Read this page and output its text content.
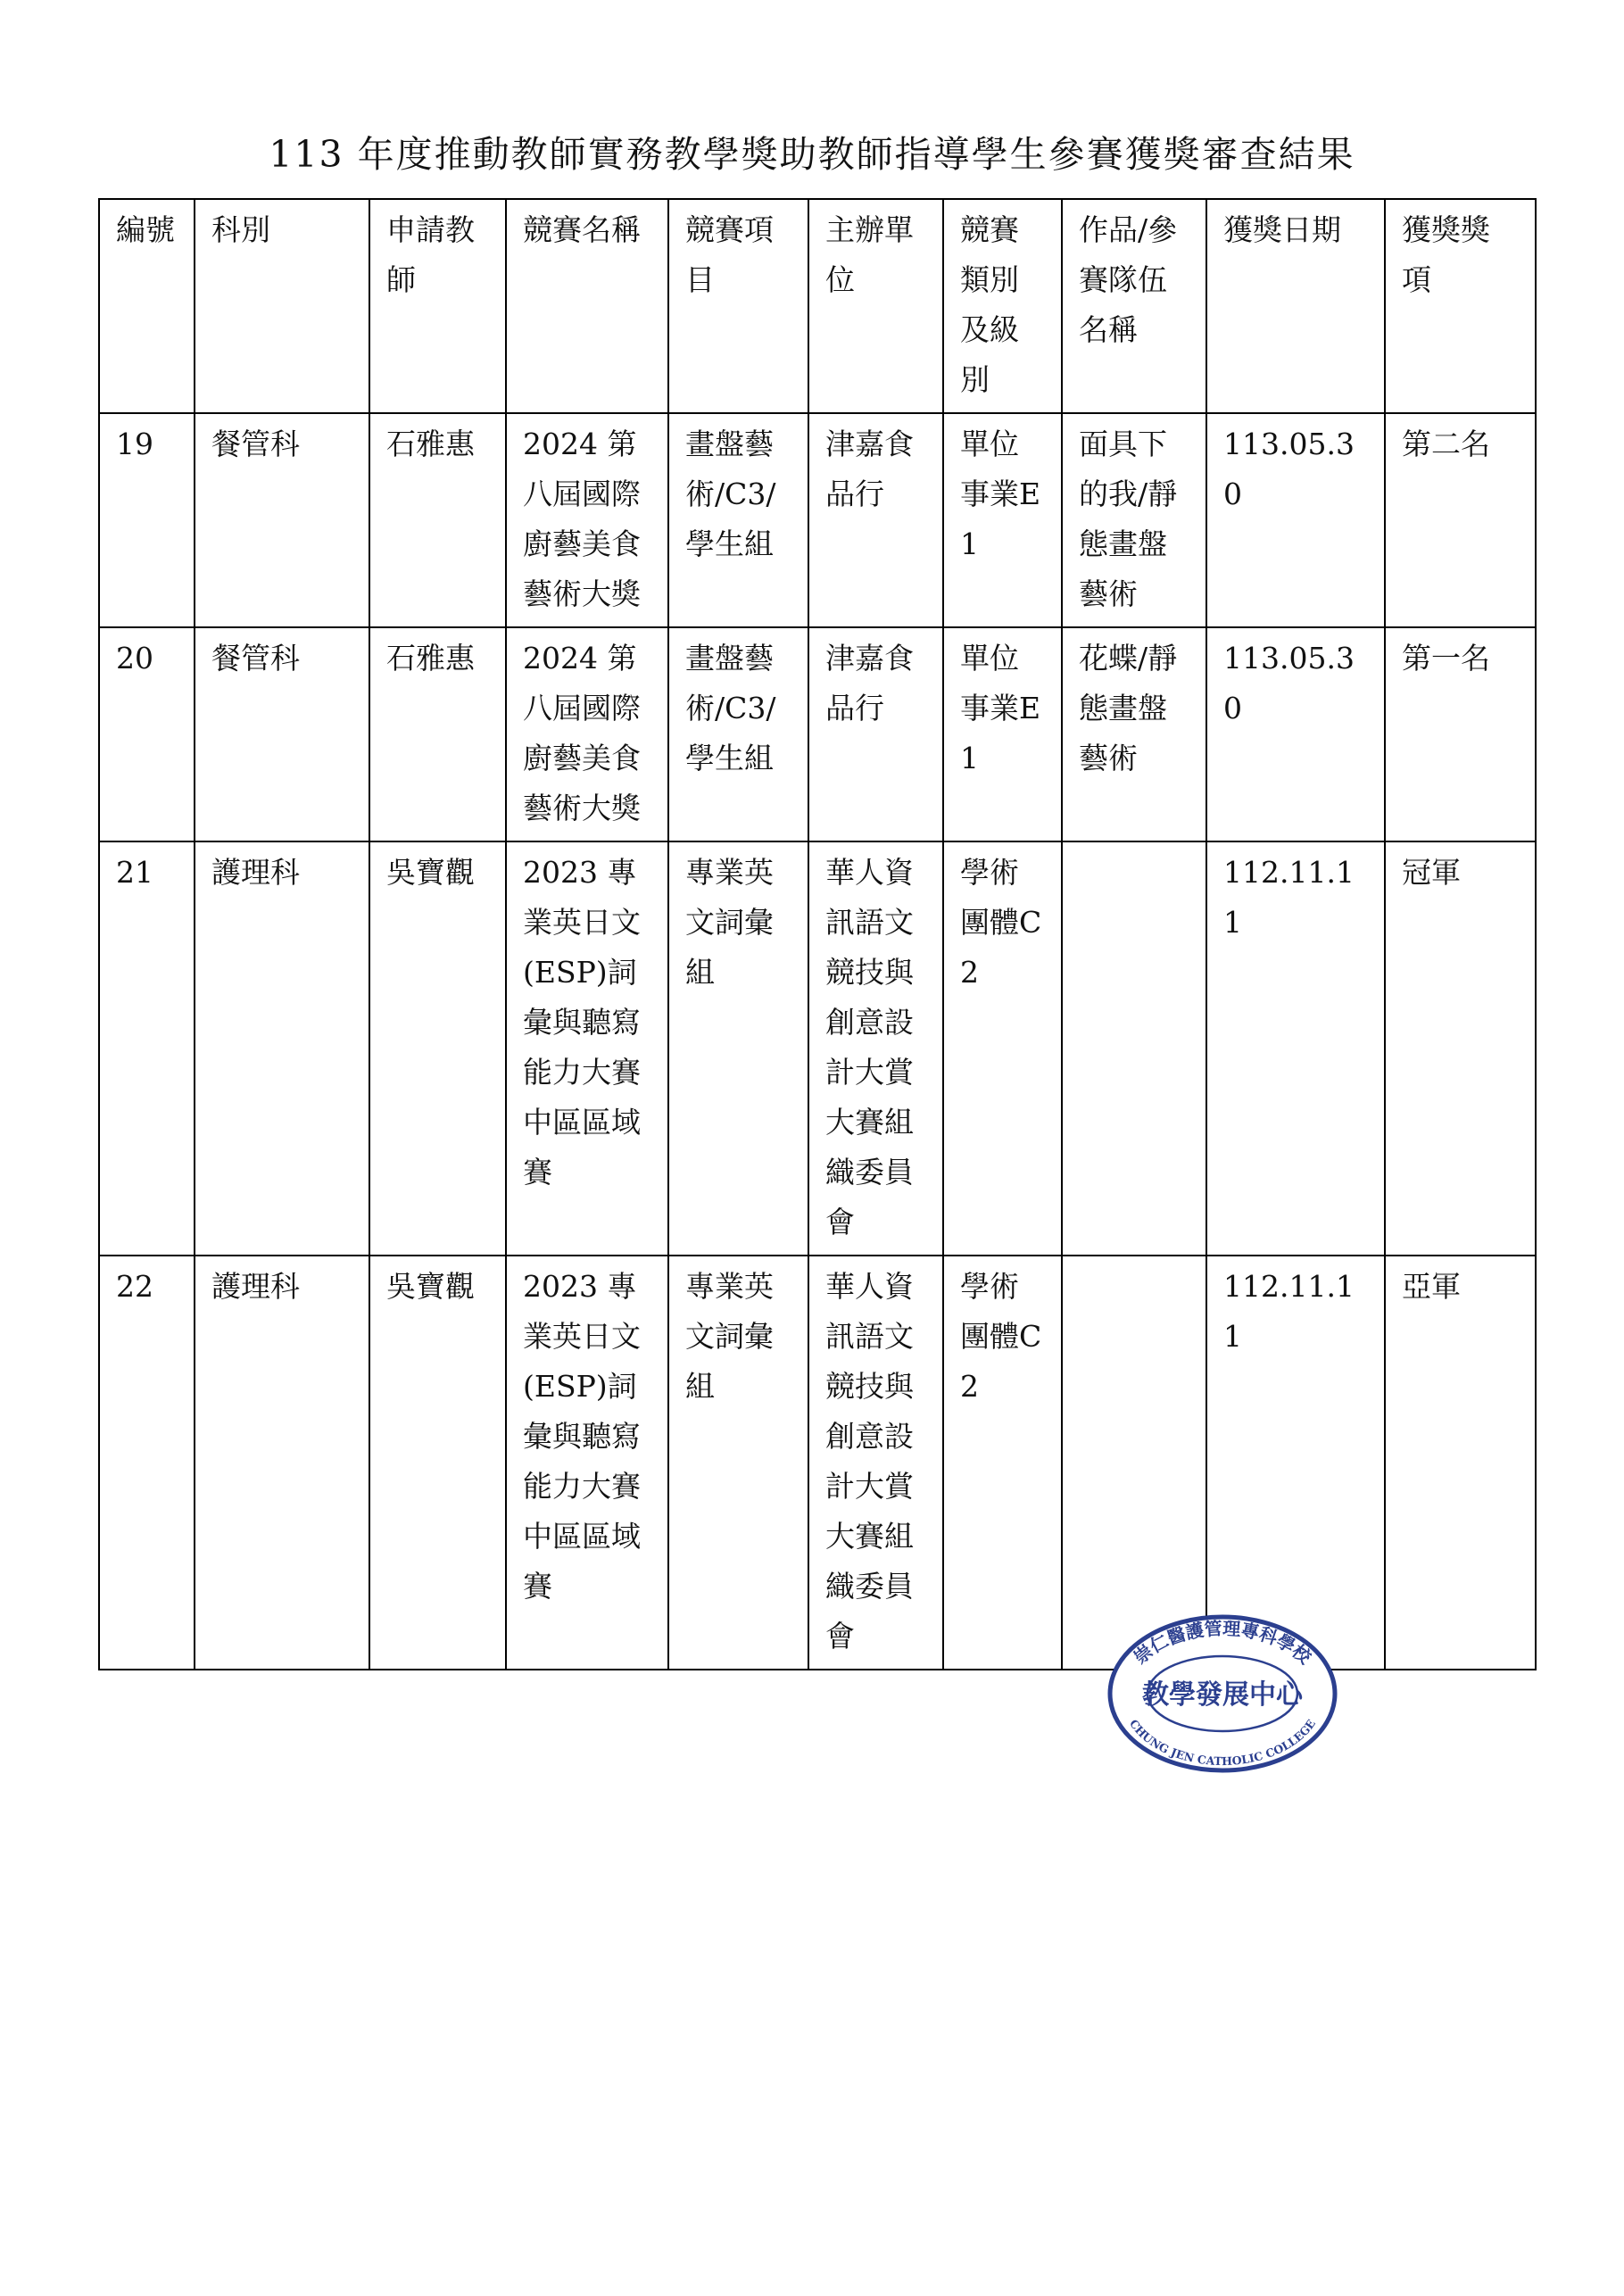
113 年度推動教師實務教學獎助教師指導學生參賽獲獎審查結果
編號	科別	申請教師	競賽名稱	競賽項目	主辦單位	競賽類別及級別	作品/參賽隊伍名稱	獲獎日期	獲獎獎項
19	餐管科	石雅惠	2024 第八屆國際廚藝美食藝術大獎	畫盤藝術/C3/學生組	津嘉食品行	單位事業E1	面具下的我/靜態畫盤藝術	113.05.30	第二名
20	餐管科	石雅惠	2024 第八屆國際廚藝美食藝術大獎	畫盤藝術/C3/學生組	津嘉食品行	單位事業E1	花蝶/靜態畫盤藝術	113.05.30	第一名
21	護理科	吳寶觀	2023 專業英日文(ESP)詞彙與聽寫能力大賽中區區域賽	專業英文詞彙組	華人資訊語文競技與創意設計大賞大賽組織委員會	學術團體C2		112.11.11	冠軍
22	護理科	吳寶觀	2023 專業英日文(ESP)詞彙與聽寫能力大賽中區區域賽	專業英文詞彙組	華人資訊語文競技與創意設計大賞大賽組織委員會	學術團體C2		112.11.11	亞軍
崇仁醫護管理專科學校
教學發展中心
CHUNG JEN CATHOLIC COLLEGE
